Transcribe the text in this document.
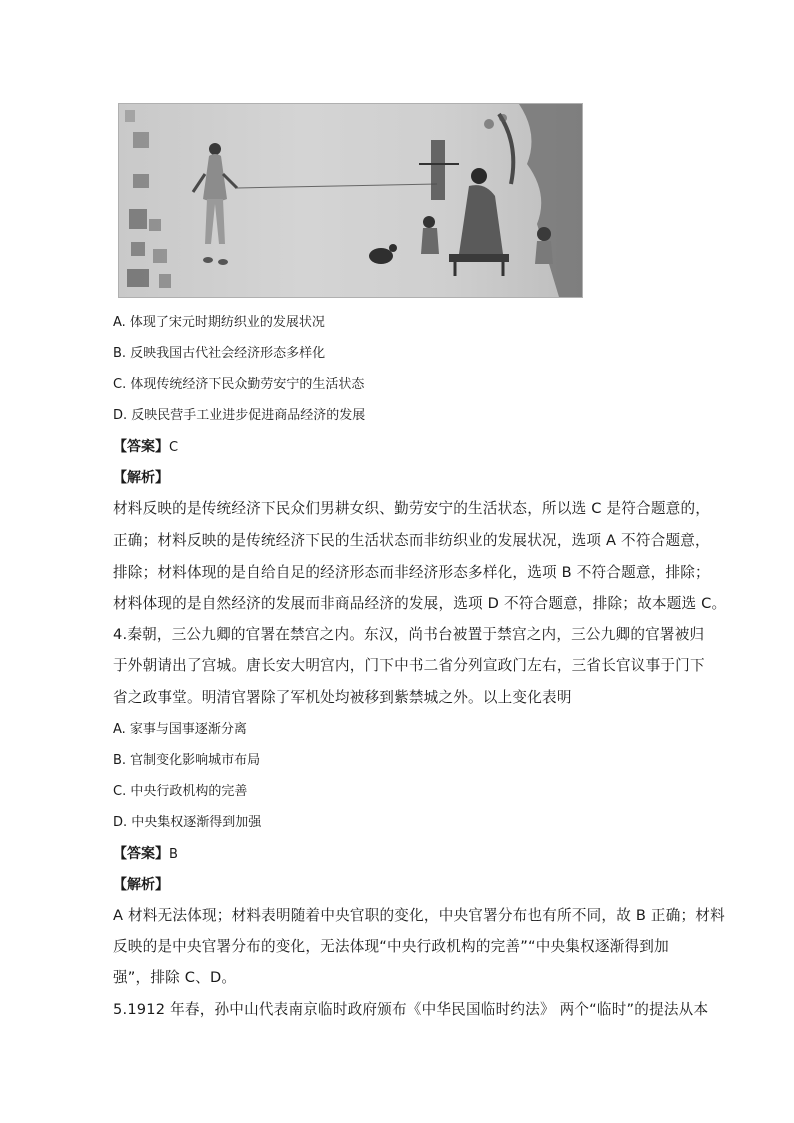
A. 体现了宋元时期纺织业的发展状况
B. 反映我国古代社会经济形态多样化
C. 体现传统经济下民众勤劳安宁的生活状态
D. 反映民营手工业进步促进商品经济的发展
【答案】C
【解析】
材料反映的是传统经济下民众们男耕女织、勤劳安宁的生活状态，所以选 C 是符合题意的，
正确；材料反映的是传统经济下民的生活状态而非纺织业的发展状况，选项 A 不符合题意，
排除；材料体现的是自给自足的经济形态而非经济形态多样化，选项 B 不符合题意，排除；
材料体现的是自然经济的发展而非商品经济的发展，选项 D 不符合题意，排除；故本题选 C。
4.秦朝，三公九卿的官署在禁宫之内。东汉，尚书台被置于禁宫之内，三公九卿的官署被归
于外朝请出了宫城。唐长安大明宫内，门下中书二省分列宣政门左右，三省长官议事于门下
省之政事堂。明清官署除了军机处均被移到紫禁城之外。以上变化表明
A. 家事与国事逐渐分离
B. 官制变化影响城市布局
C. 中央行政机构的完善
D. 中央集权逐渐得到加强
【答案】B
【解析】
A 材料无法体现；材料表明随着中央官职的变化，中央官署分布也有所不同，故 B 正确；材料
反映的是中央官署分布的变化，无法体现“中央行政机构的完善”“中央集权逐渐得到加
强”，排除 C、D。
5.1912 年春，孙中山代表南京临时政府颁布《中华民国临时约法》 两个“临时”的提法从本
